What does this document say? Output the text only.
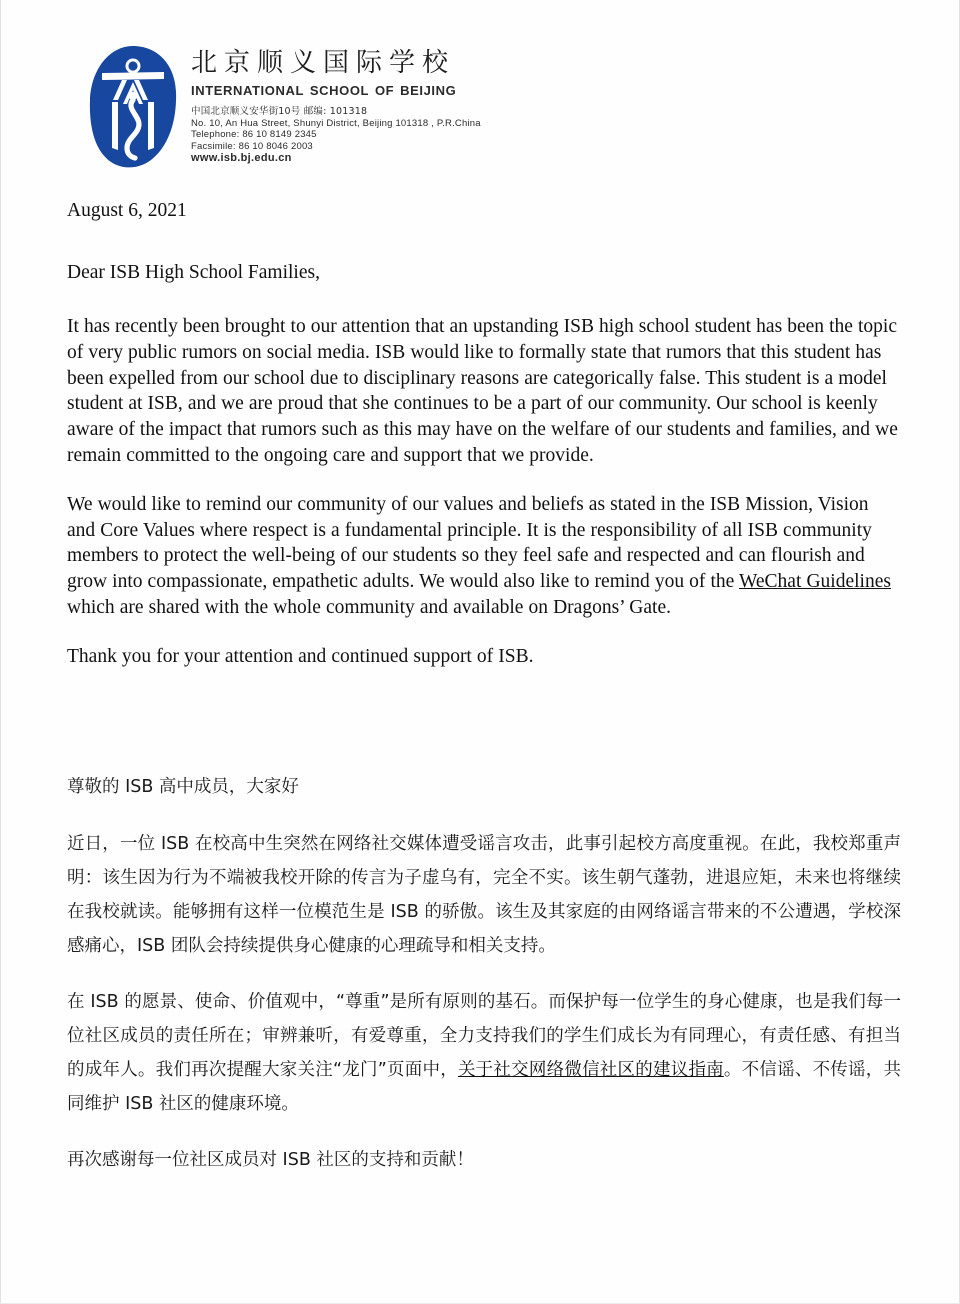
北京顺义国际学校
international school of beijing
中国北京顺义安华街10号 邮编: 101318
No. 10, An Hua Street, Shunyi District, Beijing 101318 , P.R.China
Telephone: 86 10 8149 2345
Facsimile: 86 10 8046 2003
www.isb.bj.edu.cn
August 6, 2021
Dear ISB High School Families,

It has recently been brought to our attention that an upstanding ISB high school student has been the topic of very public rumors on social media. ISB would like to formally state that rumors that this student has been expelled from our school due to disciplinary reasons are categorically false. This student is a model student at ISB, and we are proud that she continues to be a part of our community. Our school is keenly aware of the impact that rumors such as this may have on the welfare of our students and families, and we remain committed to the ongoing care and support that we provide.

We would like to remind our community of our values and beliefs as stated in the ISB Mission, Vision and Core Values where respect is a fundamental principle. It is the responsibility of all ISB community members to protect the well-being of our students so they feel safe and respected and can flourish and grow into compassionate, empathetic adults. We would also like to remind you of the WeChat Guidelines which are shared with the whole community and available on Dragons’ Gate.

Thank you for your attention and continued support of ISB.

尊敬的 ISB 高中成员，大家好

近日，一位 ISB 在校高中生突然在网络社交媒体遭受谣言攻击，此事引起校方高度重视。在此，我校郑重声明：该生因为行为不端被我校开除的传言为子虚乌有，完全不实。该生朝气蓬勃，进退应矩，未来也将继续在我校就读。能够拥有这样一位模范生是 ISB 的骄傲。该生及其家庭的由网络谣言带来的不公遭遇，学校深感痛心，ISB 团队会持续提供身心健康的心理疏导和相关支持。

在 ISB 的愿景、使命、价值观中，“尊重”是所有原则的基石。而保护每一位学生的身心健康，也是我们每一位社区成员的责任所在；审辨兼听，有爱尊重，全力支持我们的学生们成长为有同理心，有责任感、有担当的成年人。我们再次提醒大家关注“龙门”页面中，关于社交网络微信社区的建议指南。不信谣、不传谣，共同维护 ISB 社区的健康环境。

再次感谢每一位社区成员对 ISB 社区的支持和贡献！
